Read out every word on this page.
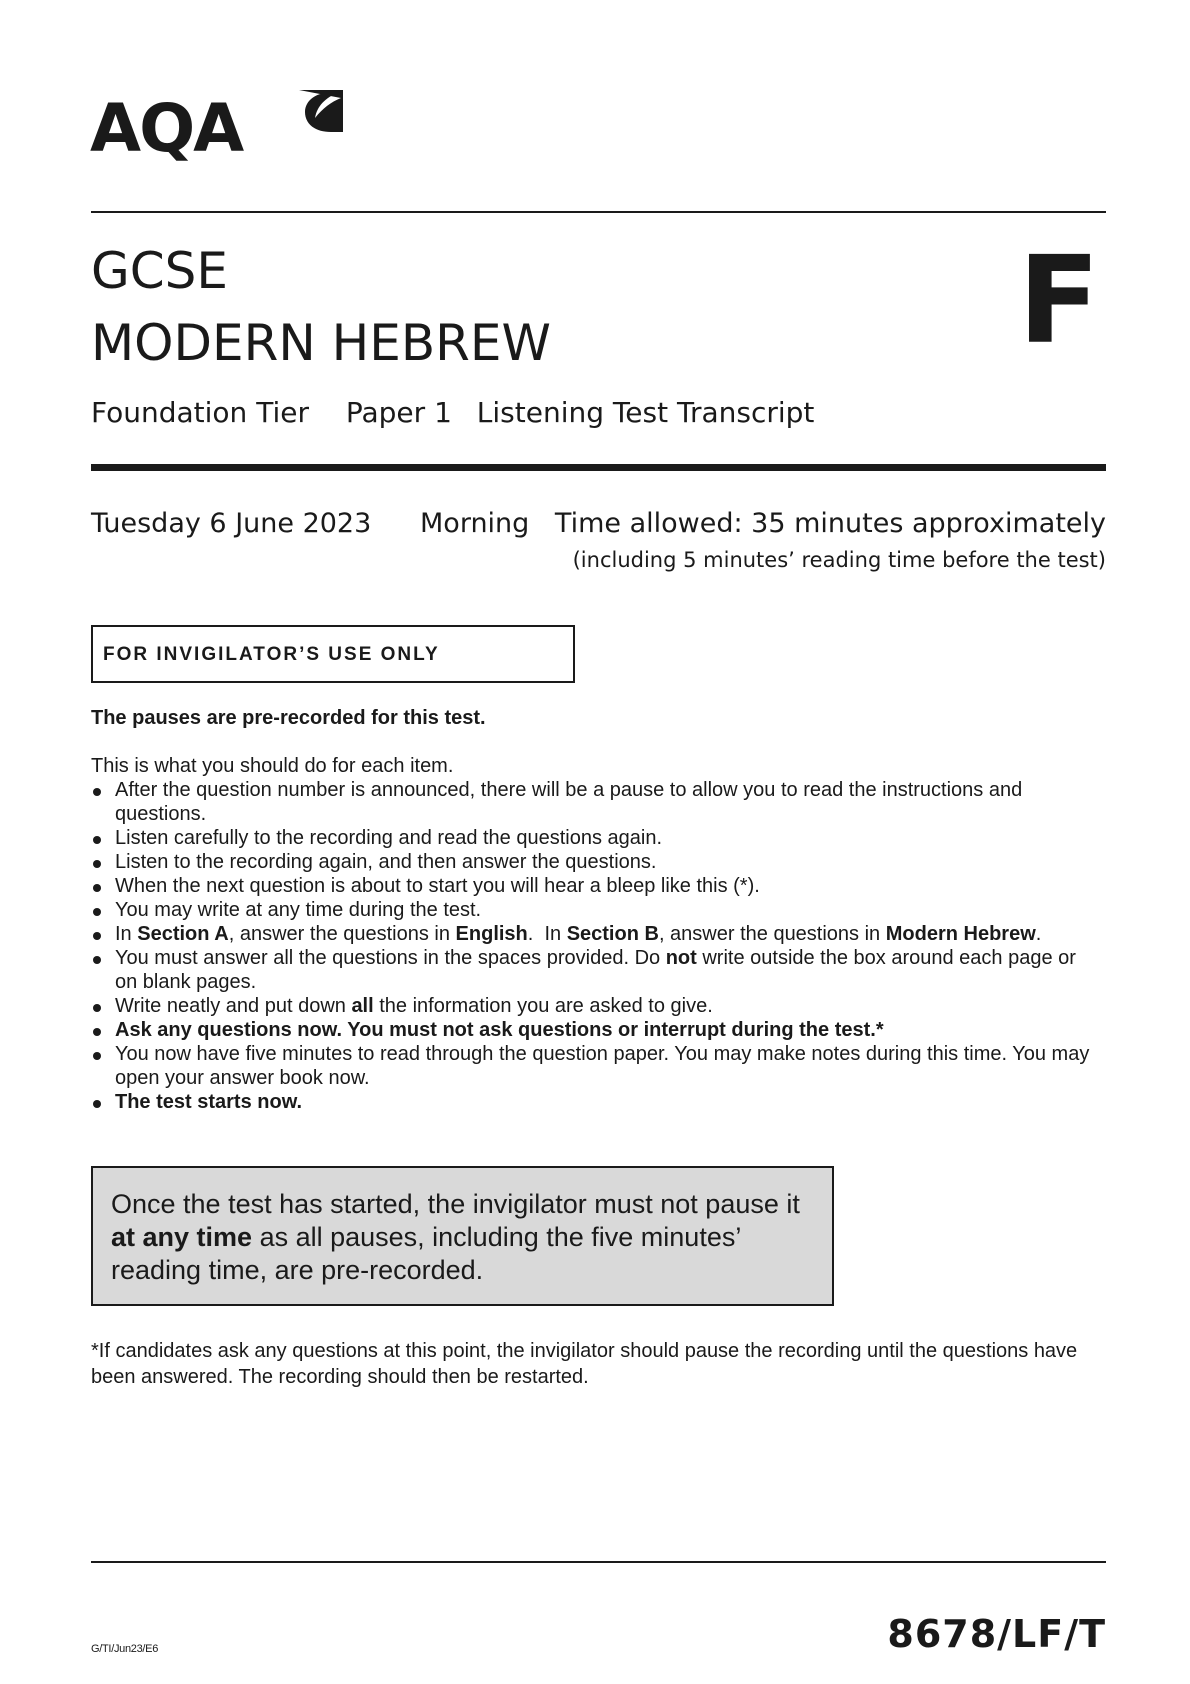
AQA
GCSE
MODERN HEBREW	F
Foundation Tier Paper 1 Listening Test Transcript
Tuesday 6 June 2023 Morning Time allowed: 35 minutes approximately
(including 5 minutes’ reading time before the test)
FOR INVIGILATOR’S USE ONLY
The pauses are pre-recorded for this test.
This is what you should do for each item.
After the question number is announced, there will be a pause to allow you to read the instructions and questions.
Listen carefully to the recording and read the questions again.
Listen to the recording again, and then answer the questions.
When the next question is about to start you will hear a bleep like this (*).
You may write at any time during the test.
In Section A, answer the questions in English.  In Section B, answer the questions in Modern Hebrew.
You must answer all the questions in the spaces provided. Do not write outside the box around each page or on blank pages.
Write neatly and put down all the information you are asked to give.
Ask any questions now. You must not ask questions or interrupt during the test.*
You now have five minutes to read through the question paper. You may make notes during this time. You may open your answer book now.
The test starts now.
Once the test has started, the invigilator must not pause it at any time as all pauses, including the five minutes’ reading time, are pre-recorded.
*If candidates ask any questions at this point, the invigilator should pause the recording until the questions have been answered. The recording should then be restarted.
G/TI/Jun23/E6	8678/LF/T
